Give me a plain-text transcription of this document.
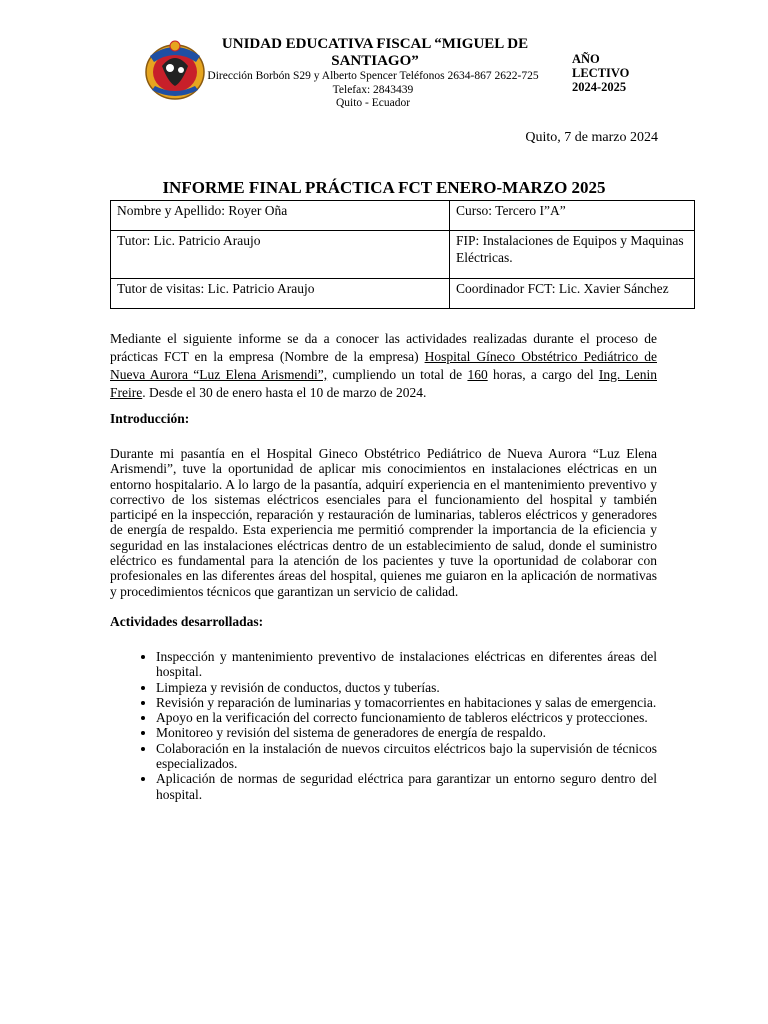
UNIDAD EDUCATIVA FISCAL “MIGUEL DE SANTIAGO”
Dirección Borbón S29 y Alberto Spencer Teléfonos 2634-867 2622-725
Telefax: 2843439
Quito - Ecuador
AÑO
LECTIVO
2024-2025
Quito, 7 de marzo 2024
INFORME FINAL PRÁCTICA FCT ENERO-MARZO 2025
Nombre y Apellido: Royer Oña	Curso: Tercero I”A”
Tutor: Lic. Patricio Araujo	FIP: Instalaciones de Equipos y Maquinas Eléctricas.
Tutor de visitas: Lic. Patricio Araujo	Coordinador FCT: Lic. Xavier Sánchez

Mediante el siguiente informe se da a conocer las actividades realizadas durante el proceso de prácticas FCT en la empresa (Nombre de la empresa) Hospital Gíneco Obstétrico Pediátrico de Nueva Aurora “Luz Elena Arismendi”, cumpliendo un total de 160 horas, a cargo del Ing. Lenin Freire. Desde el 30 de enero hasta el 10 de marzo de 2024.

Introducción:

Durante mi pasantía en el Hospital Gineco Obstétrico Pediátrico de Nueva Aurora “Luz Elena Arismendi”, tuve la oportunidad de aplicar mis conocimientos en instalaciones eléctricas en un entorno hospitalario. A lo largo de la pasantía, adquirí experiencia en el mantenimiento preventivo y correctivo de los sistemas eléctricos esenciales para el funcionamiento del hospital y también participé en la inspección, reparación y restauración de luminarias, tableros eléctricos y generadores de energía de respaldo. Esta experiencia me permitió comprender la importancia de la eficiencia y seguridad en las instalaciones eléctricas dentro de un establecimiento de salud, donde el suministro eléctrico es fundamental para la atención de los pacientes y tuve la oportunidad de colaborar con profesionales en las diferentes áreas del hospital, quienes me guiaron en la aplicación de normativas y procedimientos técnicos que garantizan un servicio de calidad.

Actividades desarrolladas:

• Inspección y mantenimiento preventivo de instalaciones eléctricas en diferentes áreas del hospital.
• Limpieza y revisión de conductos, ductos y tuberías.
• Revisión y reparación de luminarias y tomacorrientes en habitaciones y salas de emergencia.
• Apoyo en la verificación del correcto funcionamiento de tableros eléctricos y protecciones.
• Monitoreo y revisión del sistema de generadores de energía de respaldo.
• Colaboración en la instalación de nuevos circuitos eléctricos bajo la supervisión de técnicos especializados.
• Aplicación de normas de seguridad eléctrica para garantizar un entorno seguro dentro del hospital.
